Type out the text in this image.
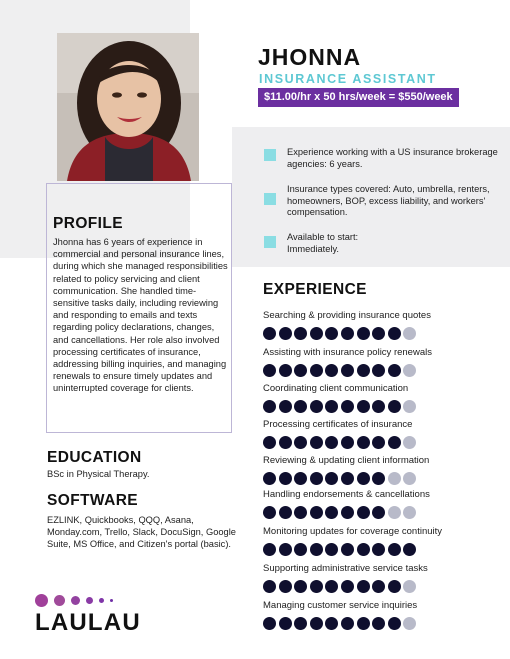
JHONNA
INSURANCE ASSISTANT
$11.00/hr x 50 hrs/week = $550/week
Experience working with a US insurance brokerage agencies: 6 years.
Insurance types covered: Auto, umbrella, renters, homeowners, BOP, excess liability, and workers' compensation.
Available to start: Immediately.
PROFILE
Jhonna has 6 years of experience in commercial and personal insurance lines, during which she managed responsibilities related to policy servicing and client communication. She handled time-sensitive tasks daily, including reviewing and responding to emails and texts regarding policy declarations, changes, and cancellations. Her role also involved processing certificates of insurance, addressing billing inquiries, and managing renewals to ensure timely updates and uninterrupted coverage for clients.
EDUCATION
BSc in Physical Therapy.
SOFTWARE
EZLINK, Quickbooks, QQQ, Asana, Monday.com, Trello, Slack, DocuSign, Google Suite, MS Office, and Citizen's portal (basic).
EXPERIENCE
Searching & providing insurance quotes
Assisting with insurance policy renewals
Coordinating client communication
Processing certificates of insurance
Reviewing & updating client information
Handling endorsements & cancellations
Monitoring updates for coverage continuity
Supporting administrative service tasks
Managing customer service inquiries
LAULAU
